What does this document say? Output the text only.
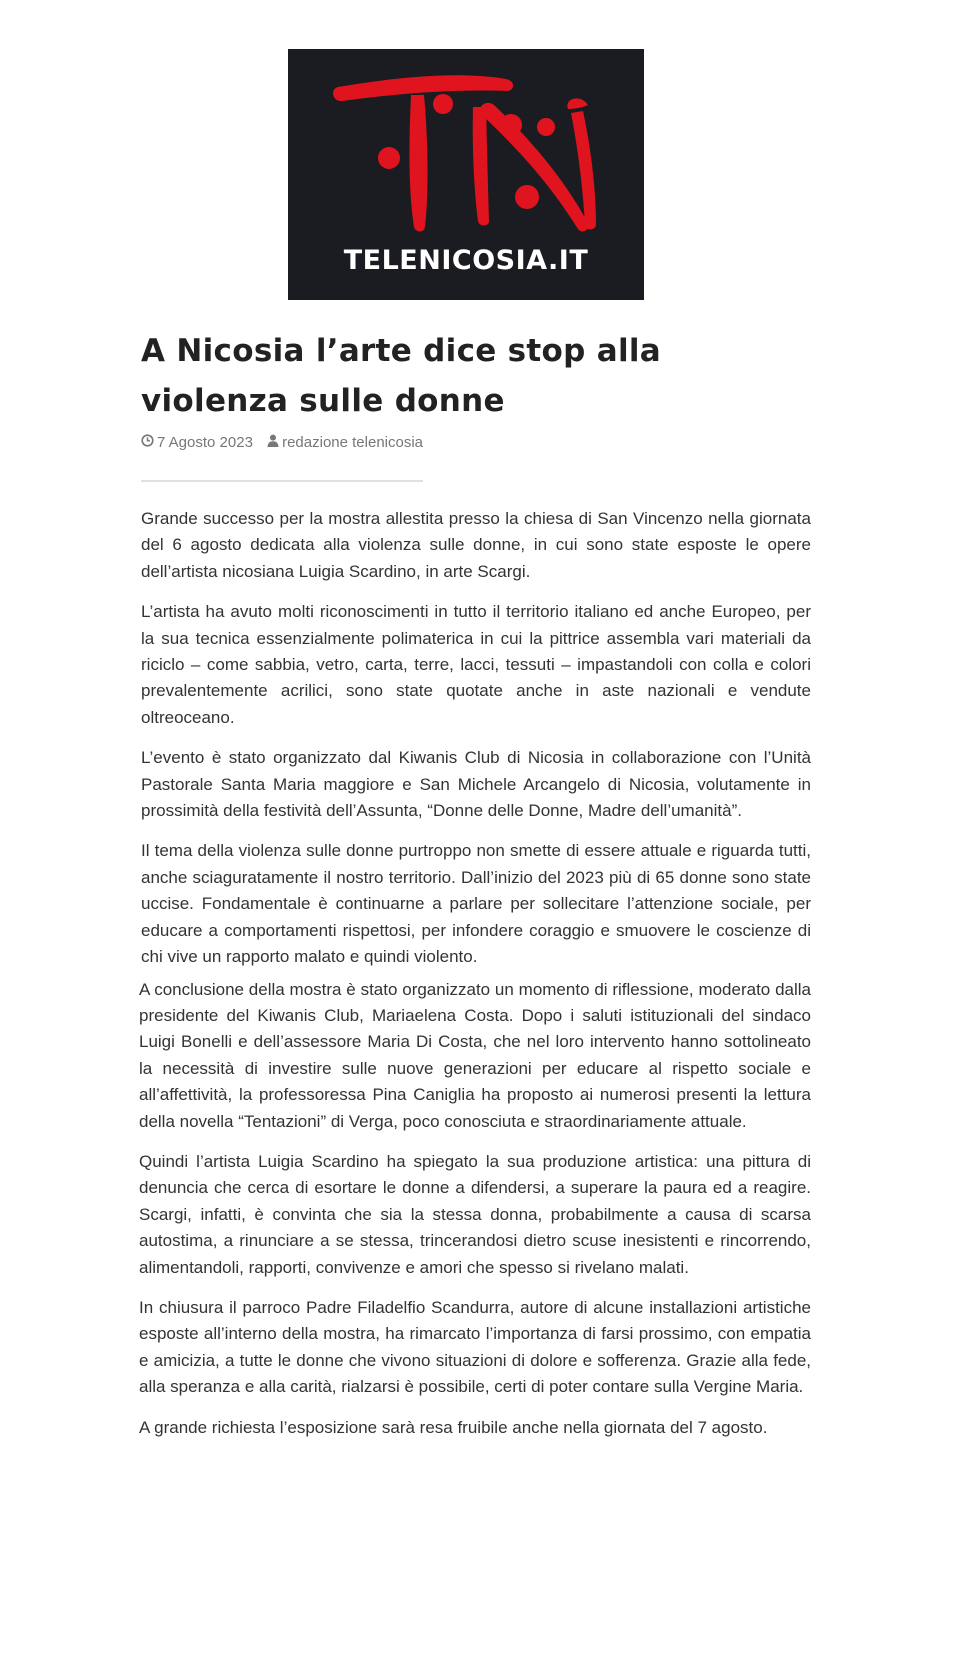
TELENICOSIA.IT
A Nicosia l’arte dice stop alla violenza sulle donne
7 Agosto 2023
redazione telenicosia

Grande successo per la mostra allestita presso la chiesa di San Vincenzo nella giornata del 6 agosto dedicata alla violenza sulle donne, in cui sono state esposte le opere dell’artista nicosiana Luigia Scardino, in arte Scargi.

L’artista ha avuto molti riconoscimenti in tutto il territorio italiano ed anche Europeo, per la sua tecnica essenzialmente polimaterica in cui la pittrice assembla vari materiali da riciclo – come sabbia, vetro, carta, terre, lacci, tessuti – impastandoli con colla e colori prevalentemente acrilici, sono state quotate anche in aste nazionali e vendute oltreoceano.

L’evento è stato organizzato dal Kiwanis Club di Nicosia in collaborazione con l’Unità Pastorale Santa Maria maggiore e San Michele Arcangelo di Nicosia, volutamente in prossimità della festività dell’Assunta, “Donne delle Donne, Madre dell’umanità”.

Il tema della violenza sulle donne purtroppo non smette di essere attuale e riguarda tutti, anche sciaguratamente il nostro territorio. Dall’inizio del 2023 più di 65 donne sono state uccise. Fondamentale è continuarne a parlare per sollecitare l’attenzione sociale, per educare a comportamenti rispettosi, per infondere coraggio e smuovere le coscienze di chi vive un rapporto malato e quindi violento.

A conclusione della mostra è stato organizzato un momento di riflessione, moderato dalla presidente del Kiwanis Club, Mariaelena Costa. Dopo i saluti istituzionali del sindaco Luigi Bonelli e dell’assessore Maria Di Costa, che nel loro intervento hanno sottolineato la necessità di investire sulle nuove generazioni per educare al rispetto sociale e all’affettività, la professoressa Pina Caniglia ha proposto ai numerosi presenti la lettura della novella “Tentazioni” di Verga, poco conosciuta e straordinariamente attuale.

Quindi l’artista Luigia Scardino ha spiegato la sua produzione artistica: una pittura di denuncia che cerca di esortare le donne a difendersi, a superare la paura ed a reagire. Scargi, infatti, è convinta che sia la stessa donna, probabilmente a causa di scarsa autostima, a rinunciare a se stessa, trincerandosi dietro scuse inesistenti e rincorrendo, alimentandoli, rapporti, convivenze e amori che spesso si rivelano malati.

In chiusura il parroco Padre Filadelfio Scandurra, autore di alcune installazioni artistiche esposte all’interno della mostra, ha rimarcato l’importanza di farsi prossimo, con empatia e amicizia, a tutte le donne che vivono situazioni di dolore e sofferenza. Grazie alla fede, alla speranza e alla carità, rialzarsi è possibile, certi di poter contare sulla Vergine Maria.

A grande richiesta l’esposizione sarà resa fruibile anche nella giornata del 7 agosto.
